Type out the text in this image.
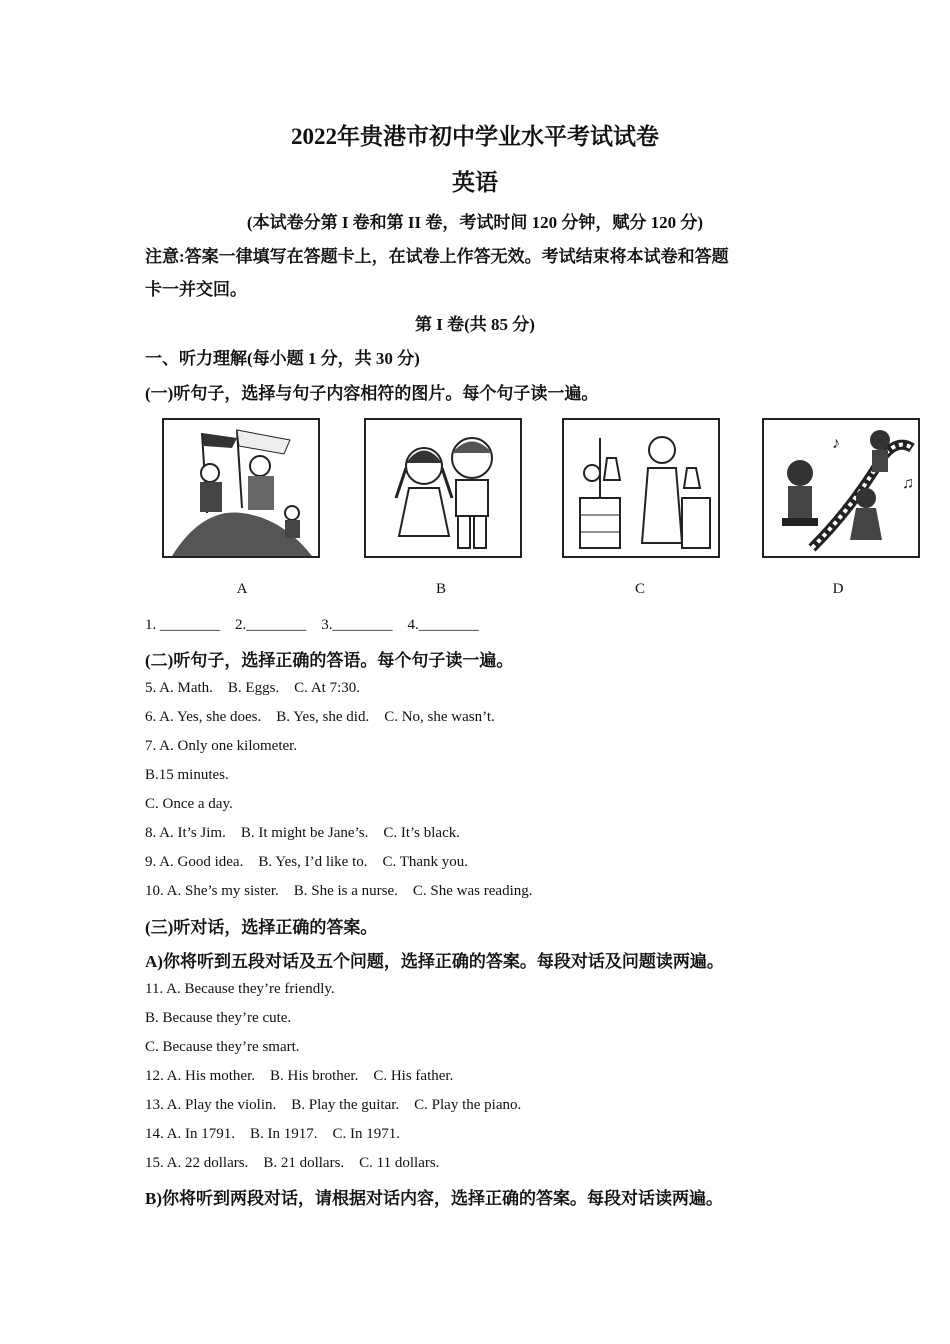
2022年贵港市初中学业水平考试试卷
英语
(本试卷分第 I 卷和第 II 卷，考试时间 120 分钟，赋分 120 分)
注意:答案一律填写在答题卡上，在试卷上作答无效。考试结束将本试卷和答题
卡一并交回。
第 I 卷(共 85 分)
一、听力理解(每小题 1 分，共 30 分)
(一)听句子，选择与句子内容相符的图片。每个句子读一遍。
♪
♫
A	B	C	D
1. ________    2.________    3.________    4.________
(二)听句子，选择正确的答语。每个句子读一遍。
5. A. Math.    B. Eggs.    C. At 7:30.
6. A. Yes, she does.    B. Yes, she did.    C. No, she wasn’t.
7. A. Only one kilometer.
B.15 minutes.
C. Once a day.
8. A. It’s Jim.    B. It might be Jane’s.    C. It’s black.
9. A. Good idea.    B. Yes, I’d like to.    C. Thank you.
10. A. She’s my sister.    B. She is a nurse.    C. She was reading.
(三)听对话，选择正确的答案。
A)你将听到五段对话及五个问题，选择正确的答案。每段对话及问题读两遍。
11. A. Because they’re friendly.
B. Because they’re cute.
C. Because they’re smart.
12. A. His mother.    B. His brother.    C. His father.
13. A. Play the violin.    B. Play the guitar.    C. Play the piano.
14. A. In 1791.    B. In 1917.    C. In 1971.
15. A. 22 dollars.    B. 21 dollars.    C. 11 dollars.
B)你将听到两段对话，请根据对话内容，选择正确的答案。每段对话读两遍。
